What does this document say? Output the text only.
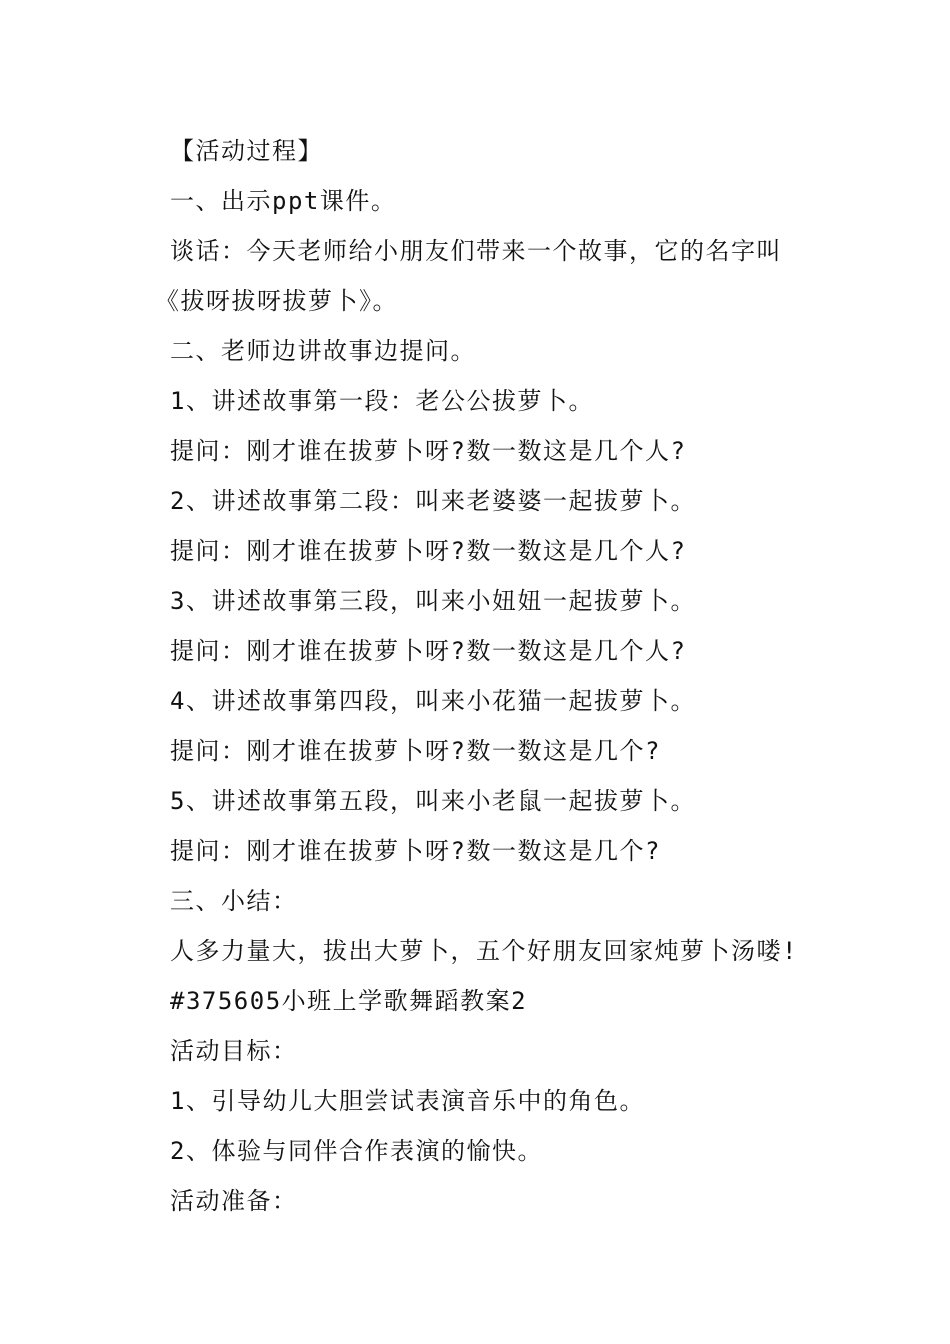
【活动过程】
一、出示ppt课件。
谈话：今天老师给小朋友们带来一个故事，它的名字叫
《拔呀拔呀拔萝卜》。
二、老师边讲故事边提问。
1、讲述故事第一段：老公公拔萝卜。
提问：刚才谁在拔萝卜呀?数一数这是几个人?
2、讲述故事第二段：叫来老婆婆一起拔萝卜。
提问：刚才谁在拔萝卜呀?数一数这是几个人?
3、讲述故事第三段，叫来小妞妞一起拔萝卜。
提问：刚才谁在拔萝卜呀?数一数这是几个人?
4、讲述故事第四段，叫来小花猫一起拔萝卜。
提问：刚才谁在拔萝卜呀?数一数这是几个?
5、讲述故事第五段，叫来小老鼠一起拔萝卜。
提问：刚才谁在拔萝卜呀?数一数这是几个?
三、小结：
人多力量大，拔出大萝卜，五个好朋友回家炖萝卜汤喽!
#375605小班上学歌舞蹈教案2
活动目标：
1、引导幼儿大胆尝试表演音乐中的角色。
2、体验与同伴合作表演的愉快。
活动准备：
